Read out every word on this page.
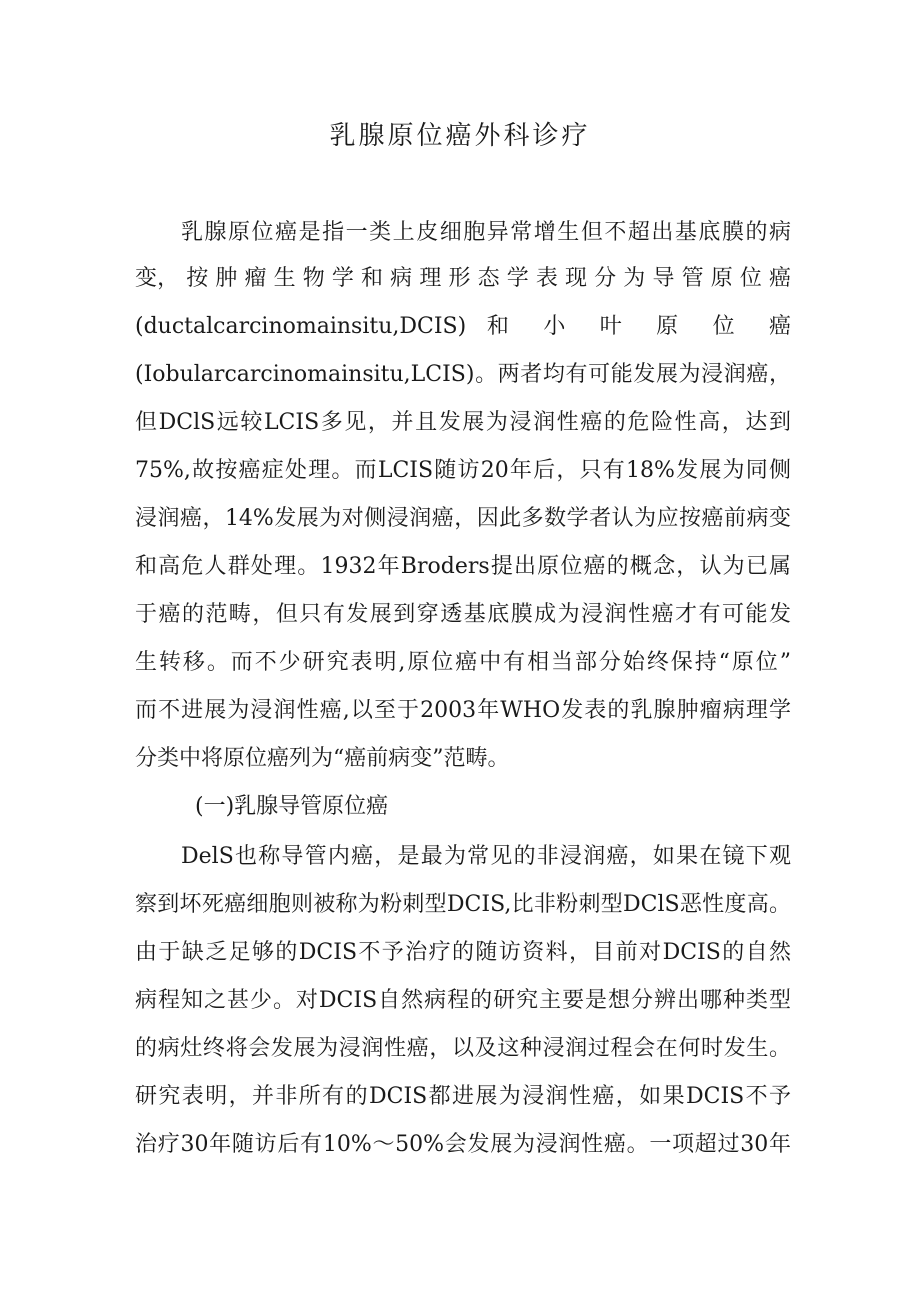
乳腺原位癌外科诊疗
乳腺原位癌是指一类上皮细胞异常增生但不超出基底膜的病
变， 按 肿 瘤 生 物 学 和 病 理 形 态 学 表 现 分 为 导 管 原 位 癌
(ductalcarcinomainsitu,DCIS) 和 小 叶 原 位 癌
(Iobularcarcinomainsitu,LCIS)。两者均有可能发展为浸润癌，
但DClS远较LCIS多见，并且发展为浸润性癌的危险性高，达到
75%,故按癌症处理。而LCIS随访20年后，只有18%发展为同侧
浸润癌，14%发展为对侧浸润癌，因此多数学者认为应按癌前病变
和高危人群处理。1932年Broders提出原位癌的概念，认为已属
于癌的范畴，但只有发展到穿透基底膜成为浸润性癌才有可能发
生转移。而不少研究表明,原位癌中有相当部分始终保持“原位”
而不进展为浸润性癌,以至于2003年WHO发表的乳腺肿瘤病理学
分类中将原位癌列为“癌前病变”范畴。
(一)乳腺导管原位癌
DelS也称导管内癌，是最为常见的非浸润癌，如果在镜下观
察到坏死癌细胞则被称为粉刺型DCIS,比非粉刺型DClS恶性度高。
由于缺乏足够的DCIS不予治疗的随访资料，目前对DCIS的自然
病程知之甚少。对DCIS自然病程的研究主要是想分辨出哪种类型
的病灶终将会发展为浸润性癌，以及这种浸润过程会在何时发生。
研究表明，并非所有的DCIS都进展为浸润性癌，如果DCIS不予
治疗30年随访后有10%～50%会发展为浸润性癌。一项超过30年
